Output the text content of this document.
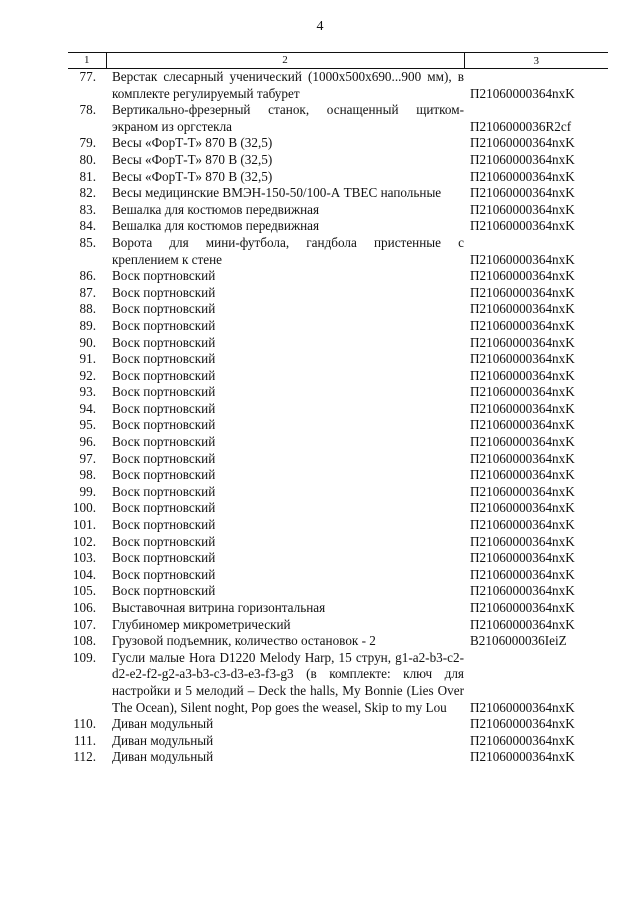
4
1	2	3
77.	Верстак слесарный ученический (1000x500x690...900 мм), в комплекте регулируемый табурет	П21060000364nxK
78.	Вертикально-фрезерный станок, оснащенный щитком-экраном из оргстекла	П2106000036R2cf
79.	Весы «ФорТ-Т» 870 В (32,5)	П21060000364nxK
80.	Весы «ФорТ-Т» 870 В (32,5)	П21060000364nxK
81.	Весы «ФорТ-Т» 870 В (32,5)	П21060000364nxK
82.	Весы медицинские ВМЭН-150-50/100-А ТВЕС напольные	П21060000364nxK
83.	Вешалка для костюмов передвижная	П21060000364nxK
84.	Вешалка для костюмов передвижная	П21060000364nxK
85.	Ворота для мини-футбола, гандбола пристенные с креплением к стене	П21060000364nxK
86.	Воск портновский	П21060000364nxK
87.	Воск портновский	П21060000364nxK
88.	Воск портновский	П21060000364nxK
89.	Воск портновский	П21060000364nxK
90.	Воск портновский	П21060000364nxK
91.	Воск портновский	П21060000364nxK
92.	Воск портновский	П21060000364nxK
93.	Воск портновский	П21060000364nxK
94.	Воск портновский	П21060000364nxK
95.	Воск портновский	П21060000364nxK
96.	Воск портновский	П21060000364nxK
97.	Воск портновский	П21060000364nxK
98.	Воск портновский	П21060000364nxK
99.	Воск портновский	П21060000364nxK
100.	Воск портновский	П21060000364nxK
101.	Воск портновский	П21060000364nxK
102.	Воск портновский	П21060000364nxK
103.	Воск портновский	П21060000364nxK
104.	Воск портновский	П21060000364nxK
105.	Воск портновский	П21060000364nxK
106.	Выставочная витрина горизонтальная	П21060000364nxK
107.	Глубиномер микрометрический	П21060000364nxK
108.	Грузовой подъемник, количество остановок - 2	В2106000036IeiZ
109.	Гусли малые Hora D1220 Melody Harp, 15 струн, g1-a2-b3-c2-d2-e2-f2-g2-a3-b3-c3-d3-e3-f3-g3 (в комплекте: ключ для настройки и 5 мелодий – Deck the halls, My Bonnie (Lies Over The Ocean), Silent noght, Pop goes the weasel, Skip to my Lou	П21060000364nxK
110.	Диван модульный	П21060000364nxK
111.	Диван модульный	П21060000364nxK
112.	Диван модульный	П21060000364nxK
